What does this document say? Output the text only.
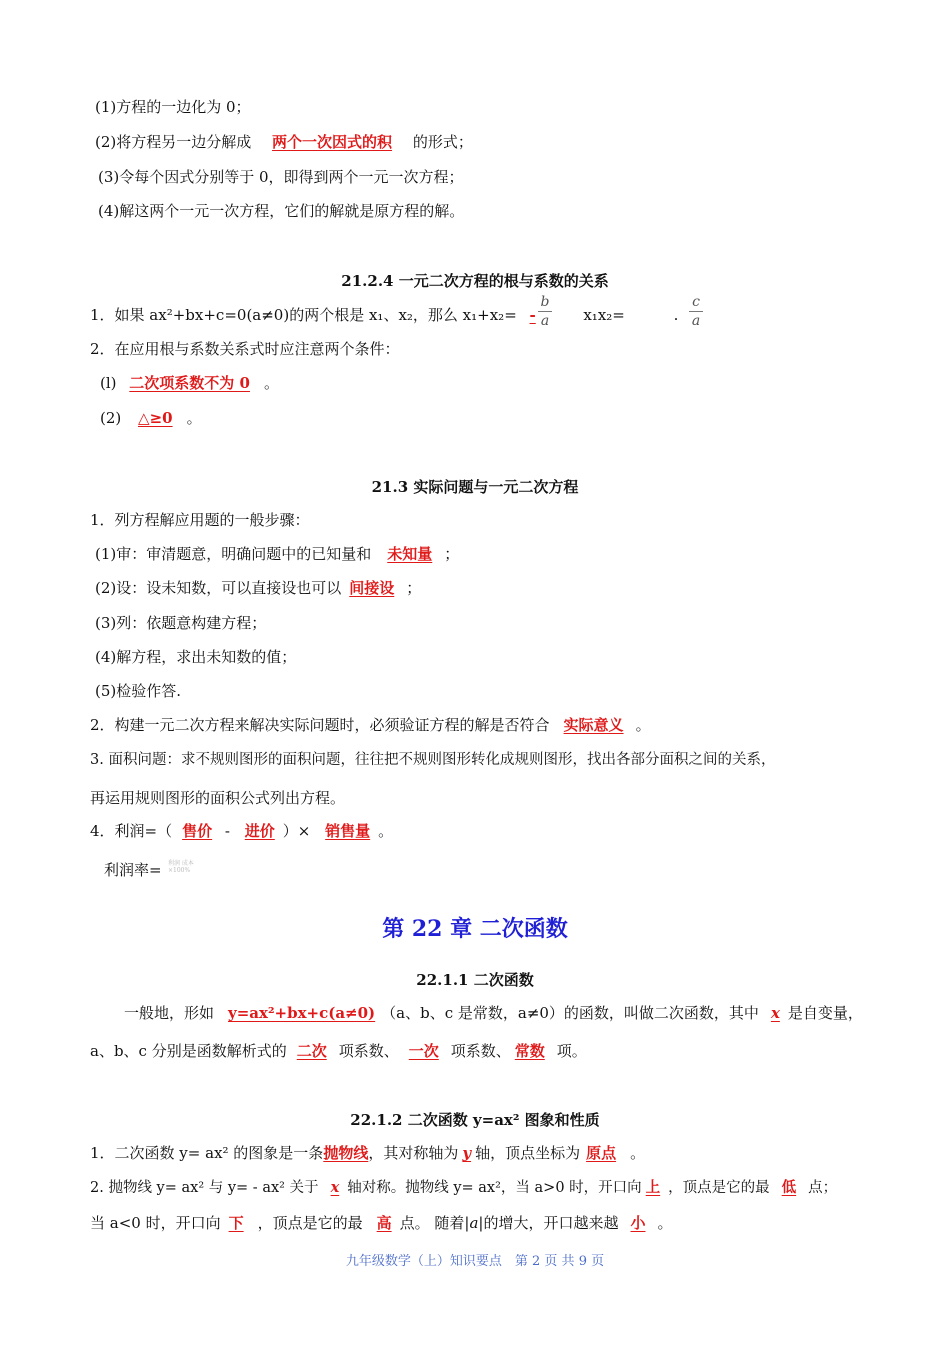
(1)方程的一边化为 0；
(2)将方程另一边分解成 两个一次因式的积 的形式；
(3)令每个因式分别等于 0，即得到两个一元一次方程；
(4)解这两个一元一次方程，它们的解就是原方程的解。
21.2.4 一元二次方程的根与系数的关系
1．如果 ax²+bx+c=0(a≠0)的两个根是 x₁、x₂，那么 x₁+x₂= -	x₁x₂=	.
b
a
c
a
2．在应用根与系数关系式时应注意两个条件：
(l) 二次项系数不为 0 。
(2) △≥0 。
21.3 实际问题与一元二次方程
1．列方程解应用题的一般步骤：
(1)审：审清题意，明确问题中的已知量和 未知量 ；
(2)设：设未知数，可以直接设也可以 间接设 ；
(3)列：依题意构建方程；
(4)解方程，求出未知数的值；
(5)检验作答.
2．构建一元二次方程来解决实际问题时，必须验证方程的解是否符合 实际意义 。
3. 面积问题：求不规则图形的面积问题，往往把不规则图形转化成规则图形，找出各部分面积之间的关系，
再运用规则图形的面积公式列出方程。
4．利润=（ 售价 - 进价 ）× 销售量 。
利润率= 利润 成本 ×100%
第 22 章 二次函数
22.1.1 二次函数
一般地，形如 y=ax²+bx+c(a≠0) （a、b、c 是常数，a≠0）的函数，叫做二次函数，其中 x 是自变量，
a、b、c 分别是函数解析式的 二次 项系数、 一次 项系数、 常数 项。
22.1.2 二次函数 y=ax² 图象和性质
1．二次函数 y= ax² 的图象是一条抛物线，其对称轴为 y 轴，顶点坐标为 原点 。
2. 抛物线 y= ax² 与 y= - ax² 关于 x 轴对称。抛物线 y= ax²，当 a>0 时，开口向 上 ，顶点是它的最 低 点；
当 a<0 时，开口向 下 ，顶点是它的最 高 点。 随着|a|的增大，开口越来越 小 。
九年级数学（上）知识要点　第 2 页 共 9 页
